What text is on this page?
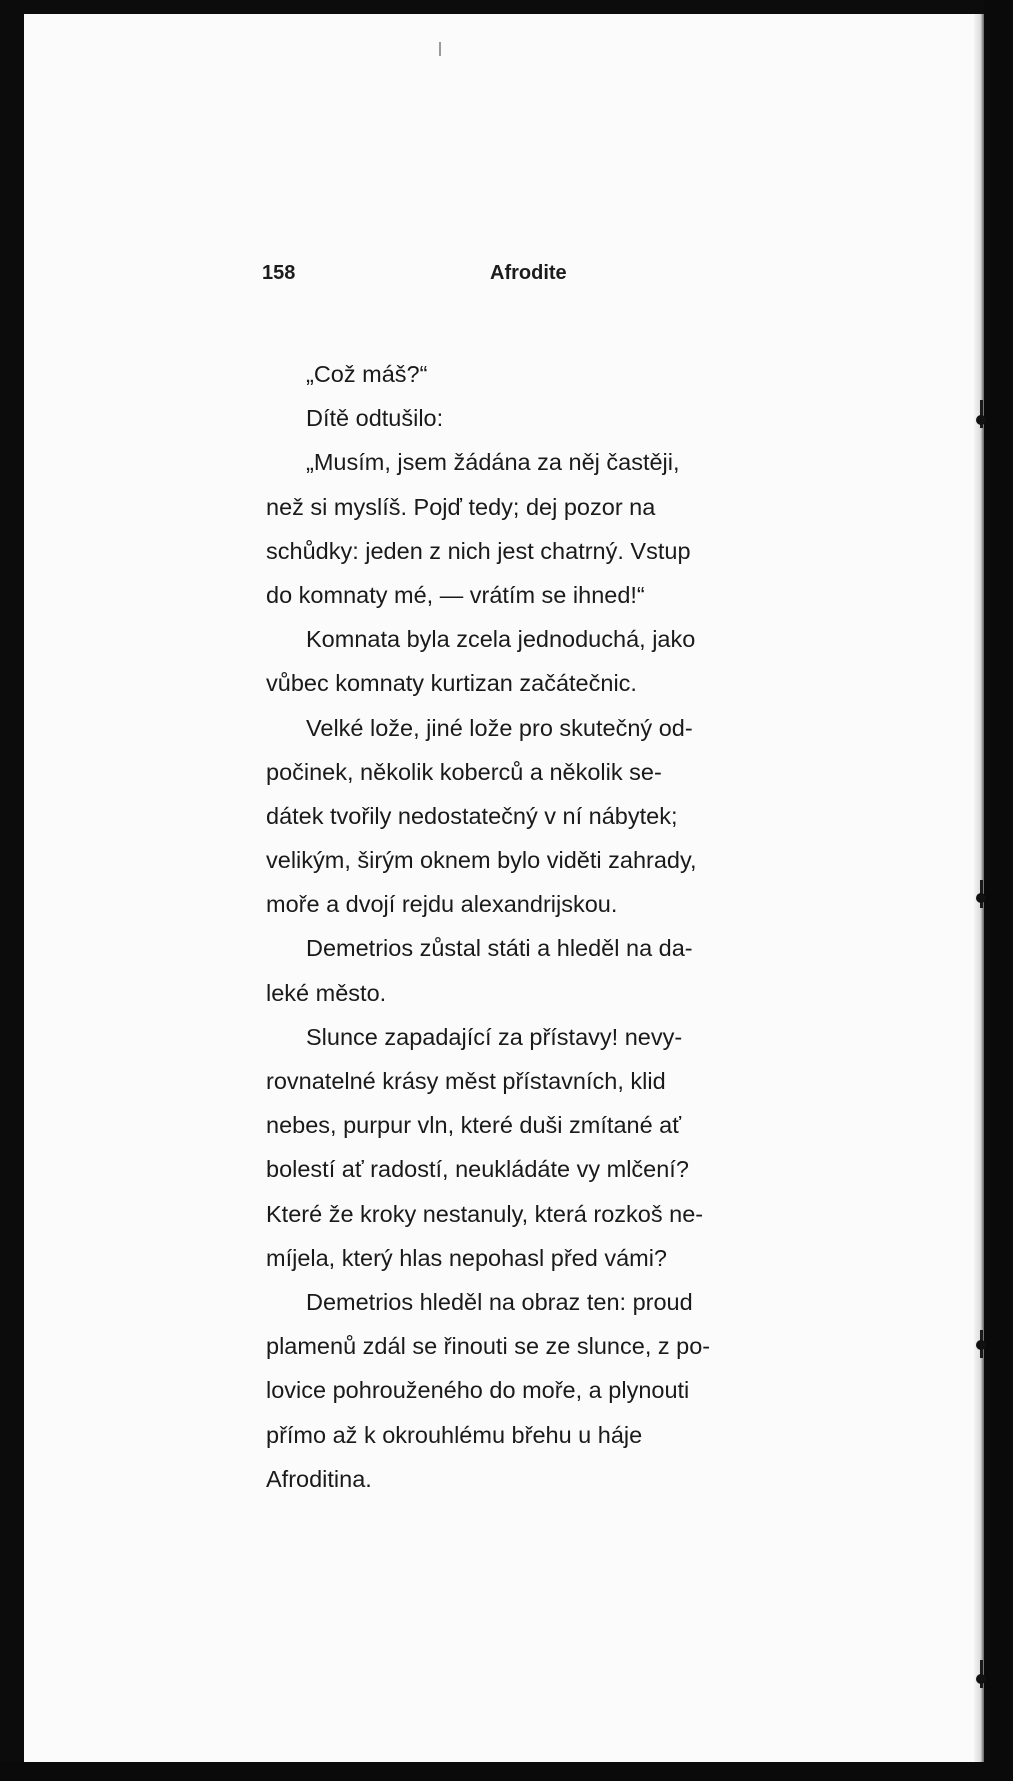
158	Afrodite
„Což máš?“
Dítě odtušilo:
„Musím, jsem žádána za něj častěji,
než si myslíš. Pojď tedy; dej pozor na
schůdky: jeden z nich jest chatrný. Vstup
do komnaty mé, — vrátím se ihned!“
Komnata byla zcela jednoduchá, jako
vůbec komnaty kurtizan začátečnic.
Velké lože, jiné lože pro skutečný od-
počinek, několik koberců a několik se-
dátek tvořily nedostatečný v ní nábytek;
velikým, širým oknem bylo viděti zahrady,
moře a dvojí rejdu alexandrijskou.
Demetrios zůstal státi a hleděl na da-
leké město.
Slunce zapadající za přístavy! nevy-
rovnatelné krásy měst přístavních, klid
nebes, purpur vln, které duši zmítané ať
bolestí ať radostí, neukládáte vy mlčení?
Které že kroky nestanuly, která rozkoš ne-
míjela, který hlas nepohasl před vámi?
Demetrios hleděl na obraz ten: proud
plamenů zdál se řinouti se ze slunce, z po-
lovice pohrouženého do moře, a plynouti
přímo až k okrouhlému břehu u háje
Afroditina.
